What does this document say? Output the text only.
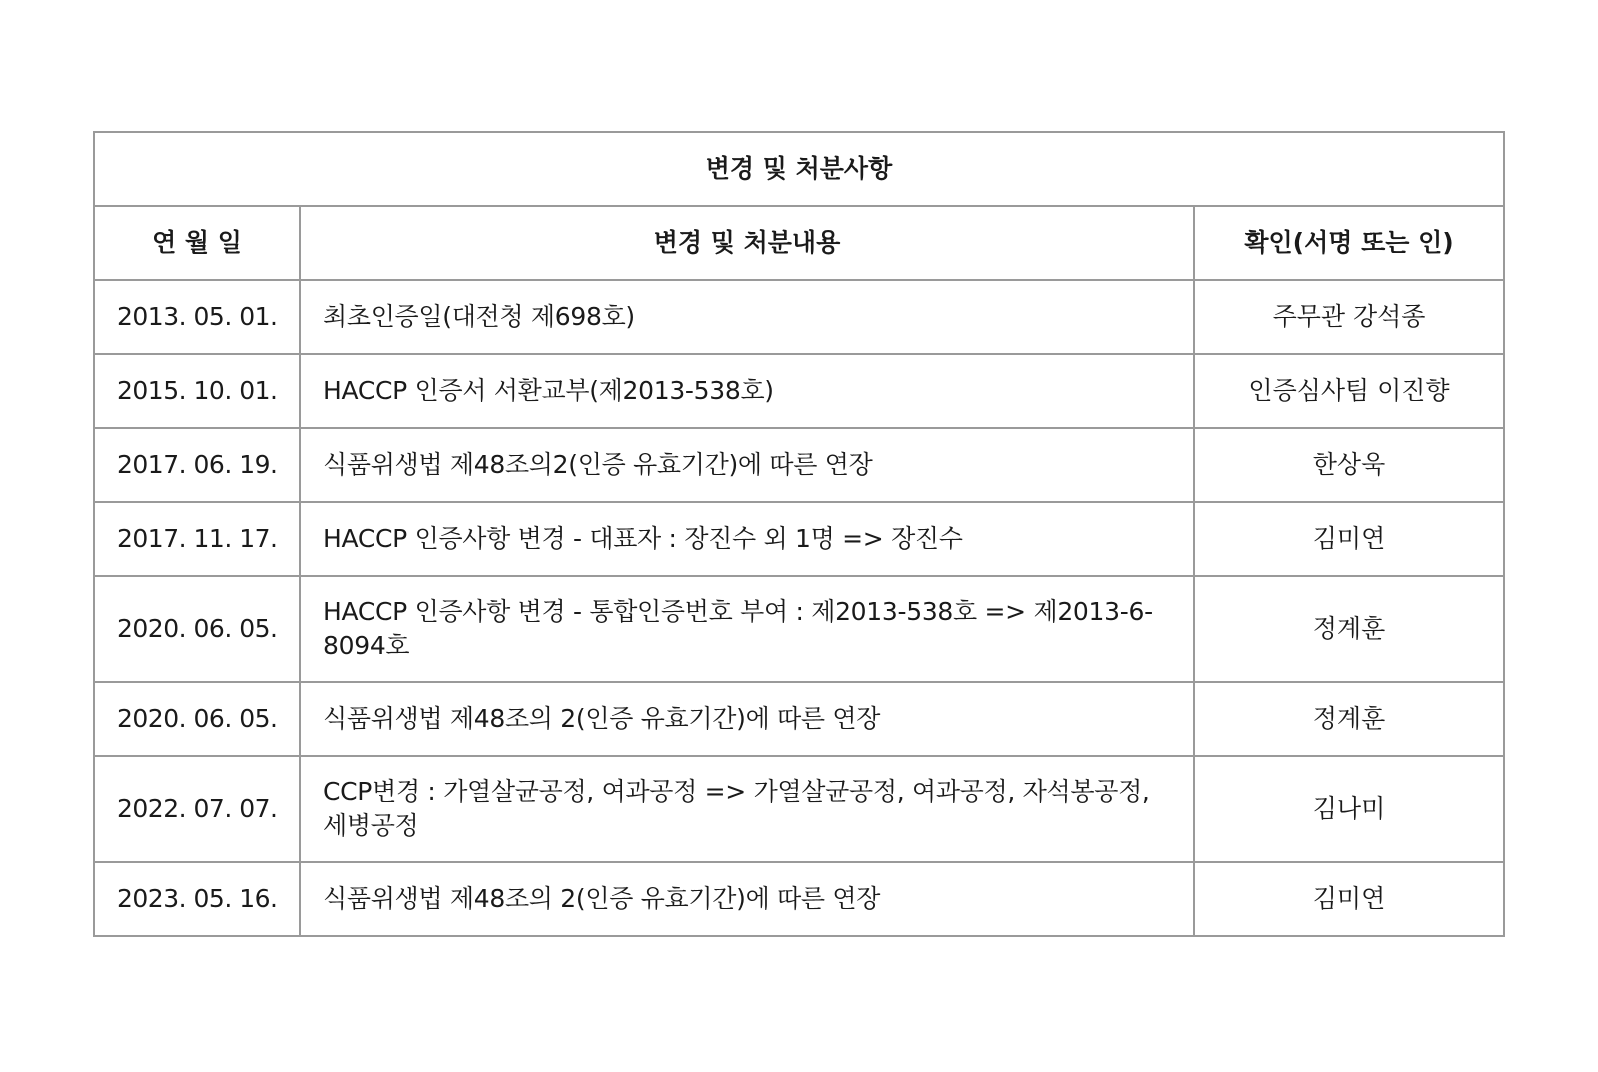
변경 및 처분사항		
연 월 일	변경 및 처분내용	확인(서명 또는 인)
2013. 05. 01.	최초인증일(대전청 제698호)	주무관 강석종
2015. 10. 01.	HACCP 인증서 서환교부(제2013-538호)	인증심사팀 이진향
2017. 06. 19.	식품위생법 제48조의2(인증 유효기간)에 따른 연장	한상욱
2017. 11. 17.	HACCP 인증사항 변경 - 대표자 : 장진수 외 1명 => 장진수	김미연
2020. 06. 05.	HACCP 인증사항 변경 - 통합인증번호 부여 : 제2013-538호 => 제2013-6-8094호	정계훈
2020. 06. 05.	식품위생법 제48조의 2(인증 유효기간)에 따른 연장	정계훈
2022. 07. 07.	CCP변경 : 가열살균공정, 여과공정 => 가열살균공정, 여과공정, 자석봉공정, 세병공정	김나미
2023. 05. 16.	식품위생법 제48조의 2(인증 유효기간)에 따른 연장	김미연
